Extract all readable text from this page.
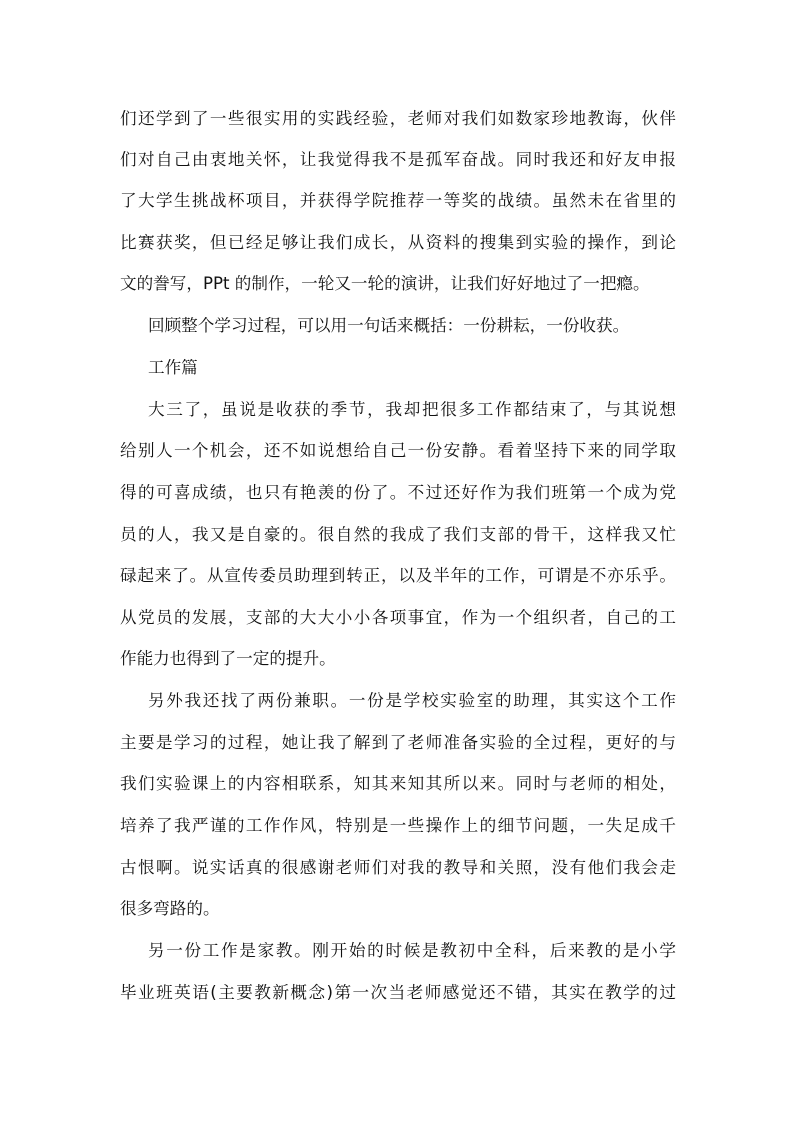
们还学到了一些很实用的实践经验，老师对我们如数家珍地教诲，伙伴
们对自己由衷地关怀，让我觉得我不是孤军奋战。同时我还和好友申报
了大学生挑战杯项目，并获得学院推荐一等奖的战绩。虽然未在省里的
比赛获奖，但已经足够让我们成长，从资料的搜集到实验的操作，到论
文的誊写，PPt 的制作，一轮又一轮的演讲，让我们好好地过了一把瘾。
回顾整个学习过程，可以用一句话来概括：一份耕耘，一份收获。
工作篇
大三了，虽说是收获的季节，我却把很多工作都结束了，与其说想
给别人一个机会，还不如说想给自己一份安静。看着坚持下来的同学取
得的可喜成绩，也只有艳羡的份了。不过还好作为我们班第一个成为党
员的人，我又是自豪的。很自然的我成了我们支部的骨干，这样我又忙
碌起来了。从宣传委员助理到转正，以及半年的工作，可谓是不亦乐乎。
从党员的发展，支部的大大小小各项事宜，作为一个组织者，自己的工
作能力也得到了一定的提升。
另外我还找了两份兼职。一份是学校实验室的助理，其实这个工作
主要是学习的过程，她让我了解到了老师准备实验的全过程，更好的与
我们实验课上的内容相联系，知其来知其所以来。同时与老师的相处，
培养了我严谨的工作作风，特别是一些操作上的细节问题，一失足成千
古恨啊。说实话真的很感谢老师们对我的教导和关照，没有他们我会走
很多弯路的。
另一份工作是家教。刚开始的时候是教初中全科，后来教的是小学
毕业班英语(主要教新概念)第一次当老师感觉还不错，其实在教学的过
